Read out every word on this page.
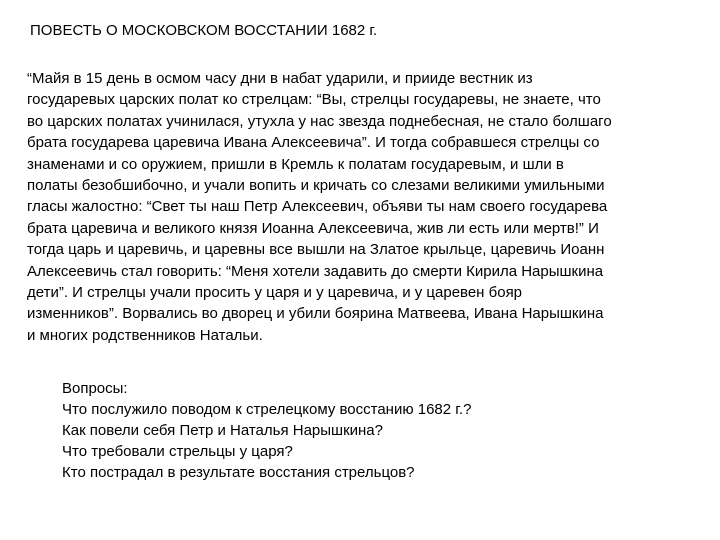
ПОВЕСТЬ О МОСКОВСКОМ ВОССТАНИИ 1682 г.
“Майя в 15 день в осмом часу дни в набат ударили, и прииде вестник из
государевых царских полат ко стрелцам: “Вы, стрелцы государевы, не знаете, что
во царских полатах учинилася, утухла у нас звезда поднебесная, не стало болшаго
брата государева царевича Ивана Алексеевича”. И тогда собравшеся стрелцы со
знаменами и со оружием, пришли в Кремль к полатам государевым, и шли в
полаты безобшибочно, и учали вопить и кричать со слезами великими умильными
гласы жалостно: “Свет ты наш Петр Алексеевич, объяви ты нам своего государева
брата царевича и великого князя Иоанна Алексеевича, жив ли есть или мертв!” И
тогда царь и царевичь, и царевны все вышли на Златое крыльце, царевичь Иоанн
Алексеевичь стал говорить: “Меня хотели задавить до смерти Кирила Нарышкина
дети”. И стрелцы учали просить у царя и у царевича, и у царевен бояр
изменников”. Ворвались во дворец и убили боярина Матвеева, Ивана Нарышкина
и многих родственников Натальи.
Вопросы:
Что послужило поводом к стрелецкому восстанию 1682 г.?
Как повели себя Петр и Наталья Нарышкина?
Что требовали стрельцы у царя?
Кто пострадал в результате восстания стрельцов?
